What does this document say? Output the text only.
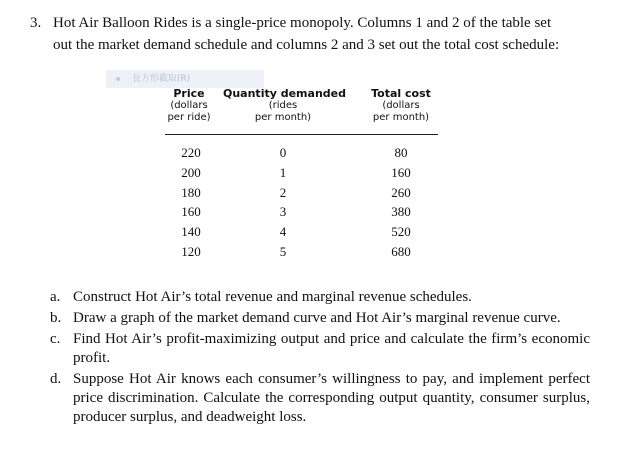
3. Hot Air Balloon Rides is a single-price monopoly. Columns 1 and 2 of the table set
out the market demand schedule and columns 2 and 3 set out the total cost schedule:
長方形截取(R)
Price
(dollars
per ride)
Quantity demanded
(rides
per month)
Total cost
(dollars
per month)
220
200
180
160
140
120
0
1
2
3
4
5
80
160
260
380
520
680
a. Construct Hot Air’s total revenue and marginal revenue schedules.
b. Draw a graph of the market demand curve and Hot Air’s marginal revenue curve.
c. Find Hot Air’s profit-maximizing output and price and calculate the firm’s economic profit.
d. Suppose Hot Air knows each consumer’s willingness to pay, and implement perfect price discrimination. Calculate the corresponding output quantity, consumer surplus, producer surplus, and deadweight loss.
